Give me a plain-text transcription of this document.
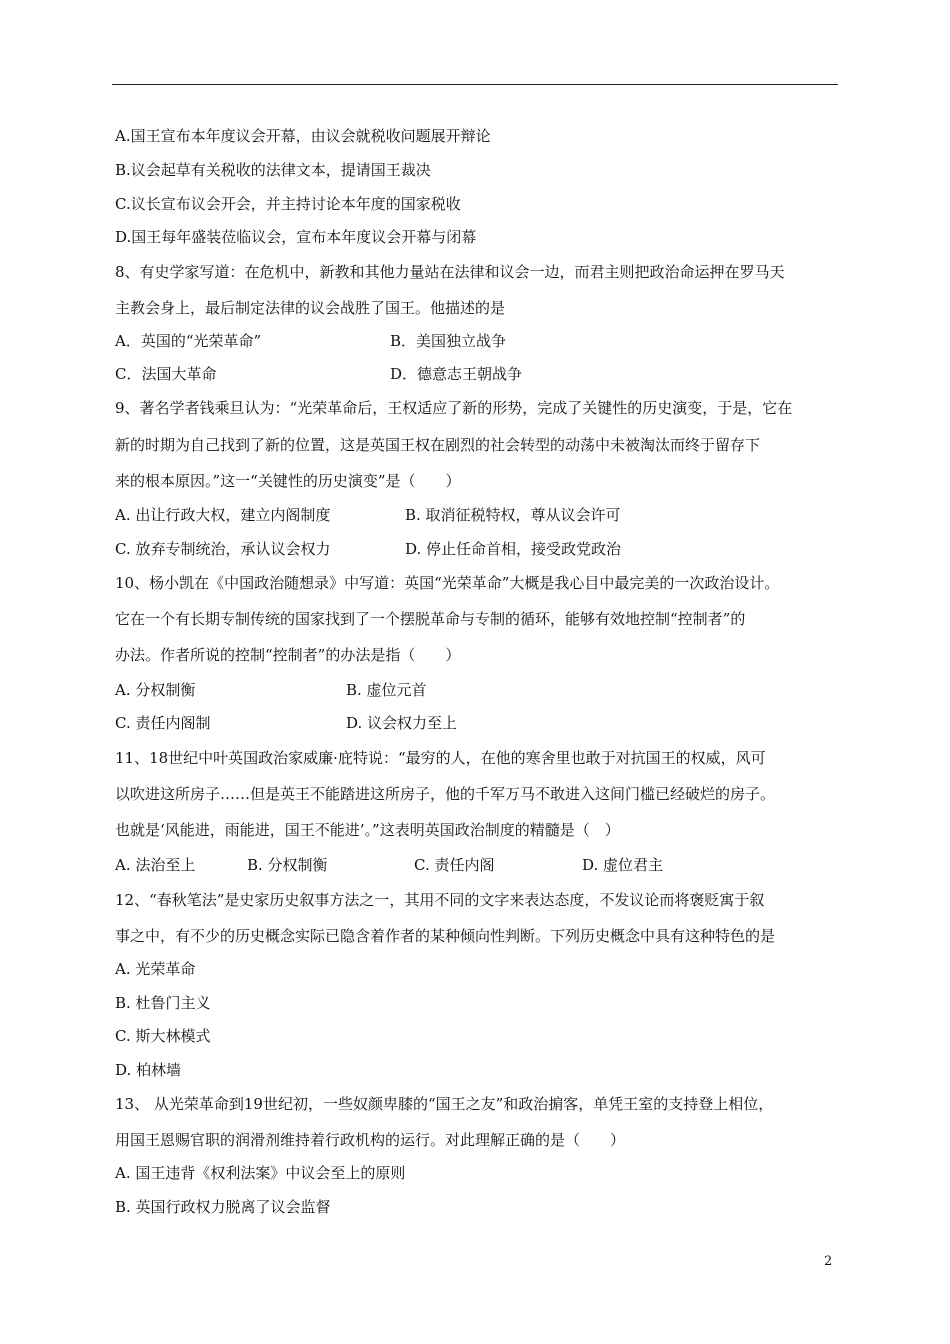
A.国王宣布本年度议会开幕，由议会就税收问题展开辩论
B.议会起草有关税收的法律文本，提请国王裁决
C.议长宣布议会开会，并主持讨论本年度的国家税收
D.国王每年盛装莅临议会，宣布本年度议会开幕与闭幕
8、有史学家写道：在危机中，新教和其他力量站在法律和议会一边，而君主则把政治命运押在罗马天
主教会身上，最后制定法律的议会战胜了国王。他描述的是
A．英国的“光荣革命”	B．美国独立战争
C．法国大革命	D．德意志王朝战争
9、著名学者钱乘旦认为：“光荣革命后，王权适应了新的形势，完成了关键性的历史演变，于是，它在
新的时期为自己找到了新的位置，这是英国王权在剧烈的社会转型的动荡中未被淘汰而终于留存下
来的根本原因。”这一“关键性的历史演变”是（　　）
A. 出让行政大权，建立内阁制度	B. 取消征税特权，尊从议会许可
C. 放弃专制统治，承认议会权力	D. 停止任命首相，接受政党政治
10、杨小凯在《中国政治随想录》中写道：英国“光荣革命”大概是我心目中最完美的一次政治设计。
它在一个有长期专制传统的国家找到了一个摆脱革命与专制的循环，能够有效地控制“控制者”的
办法。作者所说的控制“控制者”的办法是指（　　）
A. 分权制衡	B. 虚位元首
C. 责任内阁制	D. 议会权力至上
11、18世纪中叶英国政治家威廉·庇特说：“最穷的人，在他的寒舍里也敢于对抗国王的权威，风可
以吹进这所房子……但是英王不能踏进这所房子，他的千军万马不敢进入这间门槛已经破烂的房子。
也就是‘风能进，雨能进，国王不能进’。”这表明英国政治制度的精髓是（　）
A. 法治至上	B. 分权制衡	C. 责任内阁	D. 虚位君主
12、“春秋笔法”是史家历史叙事方法之一，其用不同的文字来表达态度，不发议论而将褒贬寓于叙
事之中，有不少的历史概念实际已隐含着作者的某种倾向性判断。下列历史概念中具有这种特色的是
A. 光荣革命
B. 杜鲁门主义
C. 斯大林模式
D. 柏林墙
13、 从光荣革命到19世纪初，一些奴颜卑膝的“国王之友”和政治掮客，单凭王室的支持登上相位，
用国王恩赐官职的润滑剂维持着行政机构的运行。对此理解正确的是（　　）
A. 国王违背《权利法案》中议会至上的原则
B. 英国行政权力脱离了议会监督
2
